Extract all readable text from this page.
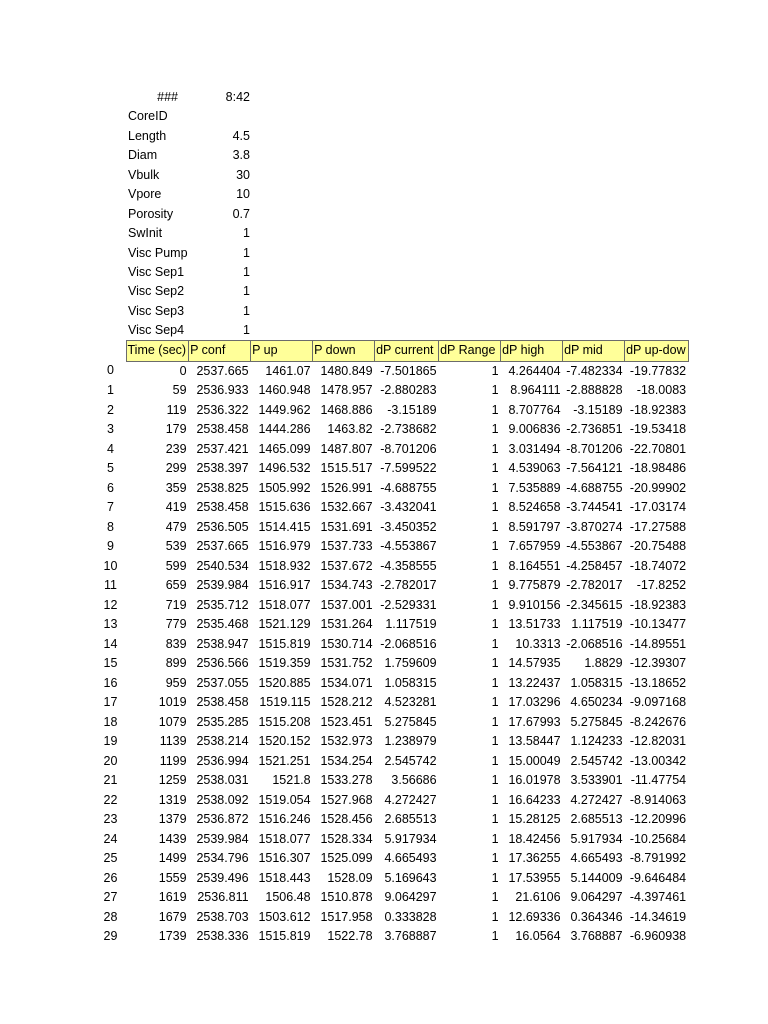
###	8:42
CoreID
Length	4.5
Diam	3.8
Vbulk	30
Vpore	10
Porosity	0.7
SwInit	1
Visc Pump	1
Visc Sep1	1
Visc Sep2	1
Visc Sep3	1
Visc Sep4	1
	Time (sec)	P conf	P up	P down	dP current	dP Range	dP high	dP mid	dP up-dow
0	0	2537.665	1461.07	1480.849	-7.501865	1	4.264404	-7.482334	-19.77832
1	59	2536.933	1460.948	1478.957	-2.880283	1	8.964111	-2.888828	-18.0083
2	119	2536.322	1449.962	1468.886	-3.15189	1	8.707764	-3.15189	-18.92383
3	179	2538.458	1444.286	1463.82	-2.738682	1	9.006836	-2.736851	-19.53418
4	239	2537.421	1465.099	1487.807	-8.701206	1	3.031494	-8.701206	-22.70801
5	299	2538.397	1496.532	1515.517	-7.599522	1	4.539063	-7.564121	-18.98486
6	359	2538.825	1505.992	1526.991	-4.688755	1	7.535889	-4.688755	-20.99902
7	419	2538.458	1515.636	1532.667	-3.432041	1	8.524658	-3.744541	-17.03174
8	479	2536.505	1514.415	1531.691	-3.450352	1	8.591797	-3.870274	-17.27588
9	539	2537.665	1516.979	1537.733	-4.553867	1	7.657959	-4.553867	-20.75488
10	599	2540.534	1518.932	1537.672	-4.358555	1	8.164551	-4.258457	-18.74072
11	659	2539.984	1516.917	1534.743	-2.782017	1	9.775879	-2.782017	-17.8252
12	719	2535.712	1518.077	1537.001	-2.529331	1	9.910156	-2.345615	-18.92383
13	779	2535.468	1521.129	1531.264	1.117519	1	13.51733	1.117519	-10.13477
14	839	2538.947	1515.819	1530.714	-2.068516	1	10.3313	-2.068516	-14.89551
15	899	2536.566	1519.359	1531.752	1.759609	1	14.57935	1.8829	-12.39307
16	959	2537.055	1520.885	1534.071	1.058315	1	13.22437	1.058315	-13.18652
17	1019	2538.458	1519.115	1528.212	4.523281	1	17.03296	4.650234	-9.097168
18	1079	2535.285	1515.208	1523.451	5.275845	1	17.67993	5.275845	-8.242676
19	1139	2538.214	1520.152	1532.973	1.238979	1	13.58447	1.124233	-12.82031
20	1199	2536.994	1521.251	1534.254	2.545742	1	15.00049	2.545742	-13.00342
21	1259	2538.031	1521.8	1533.278	3.56686	1	16.01978	3.533901	-11.47754
22	1319	2538.092	1519.054	1527.968	4.272427	1	16.64233	4.272427	-8.914063
23	1379	2536.872	1516.246	1528.456	2.685513	1	15.28125	2.685513	-12.20996
24	1439	2539.984	1518.077	1528.334	5.917934	1	18.42456	5.917934	-10.25684
25	1499	2534.796	1516.307	1525.099	4.665493	1	17.36255	4.665493	-8.791992
26	1559	2539.496	1518.443	1528.09	5.169643	1	17.53955	5.144009	-9.646484
27	1619	2536.811	1506.48	1510.878	9.064297	1	21.6106	9.064297	-4.397461
28	1679	2538.703	1503.612	1517.958	0.333828	1	12.69336	0.364346	-14.34619
29	1739	2538.336	1515.819	1522.78	3.768887	1	16.0564	3.768887	-6.960938
